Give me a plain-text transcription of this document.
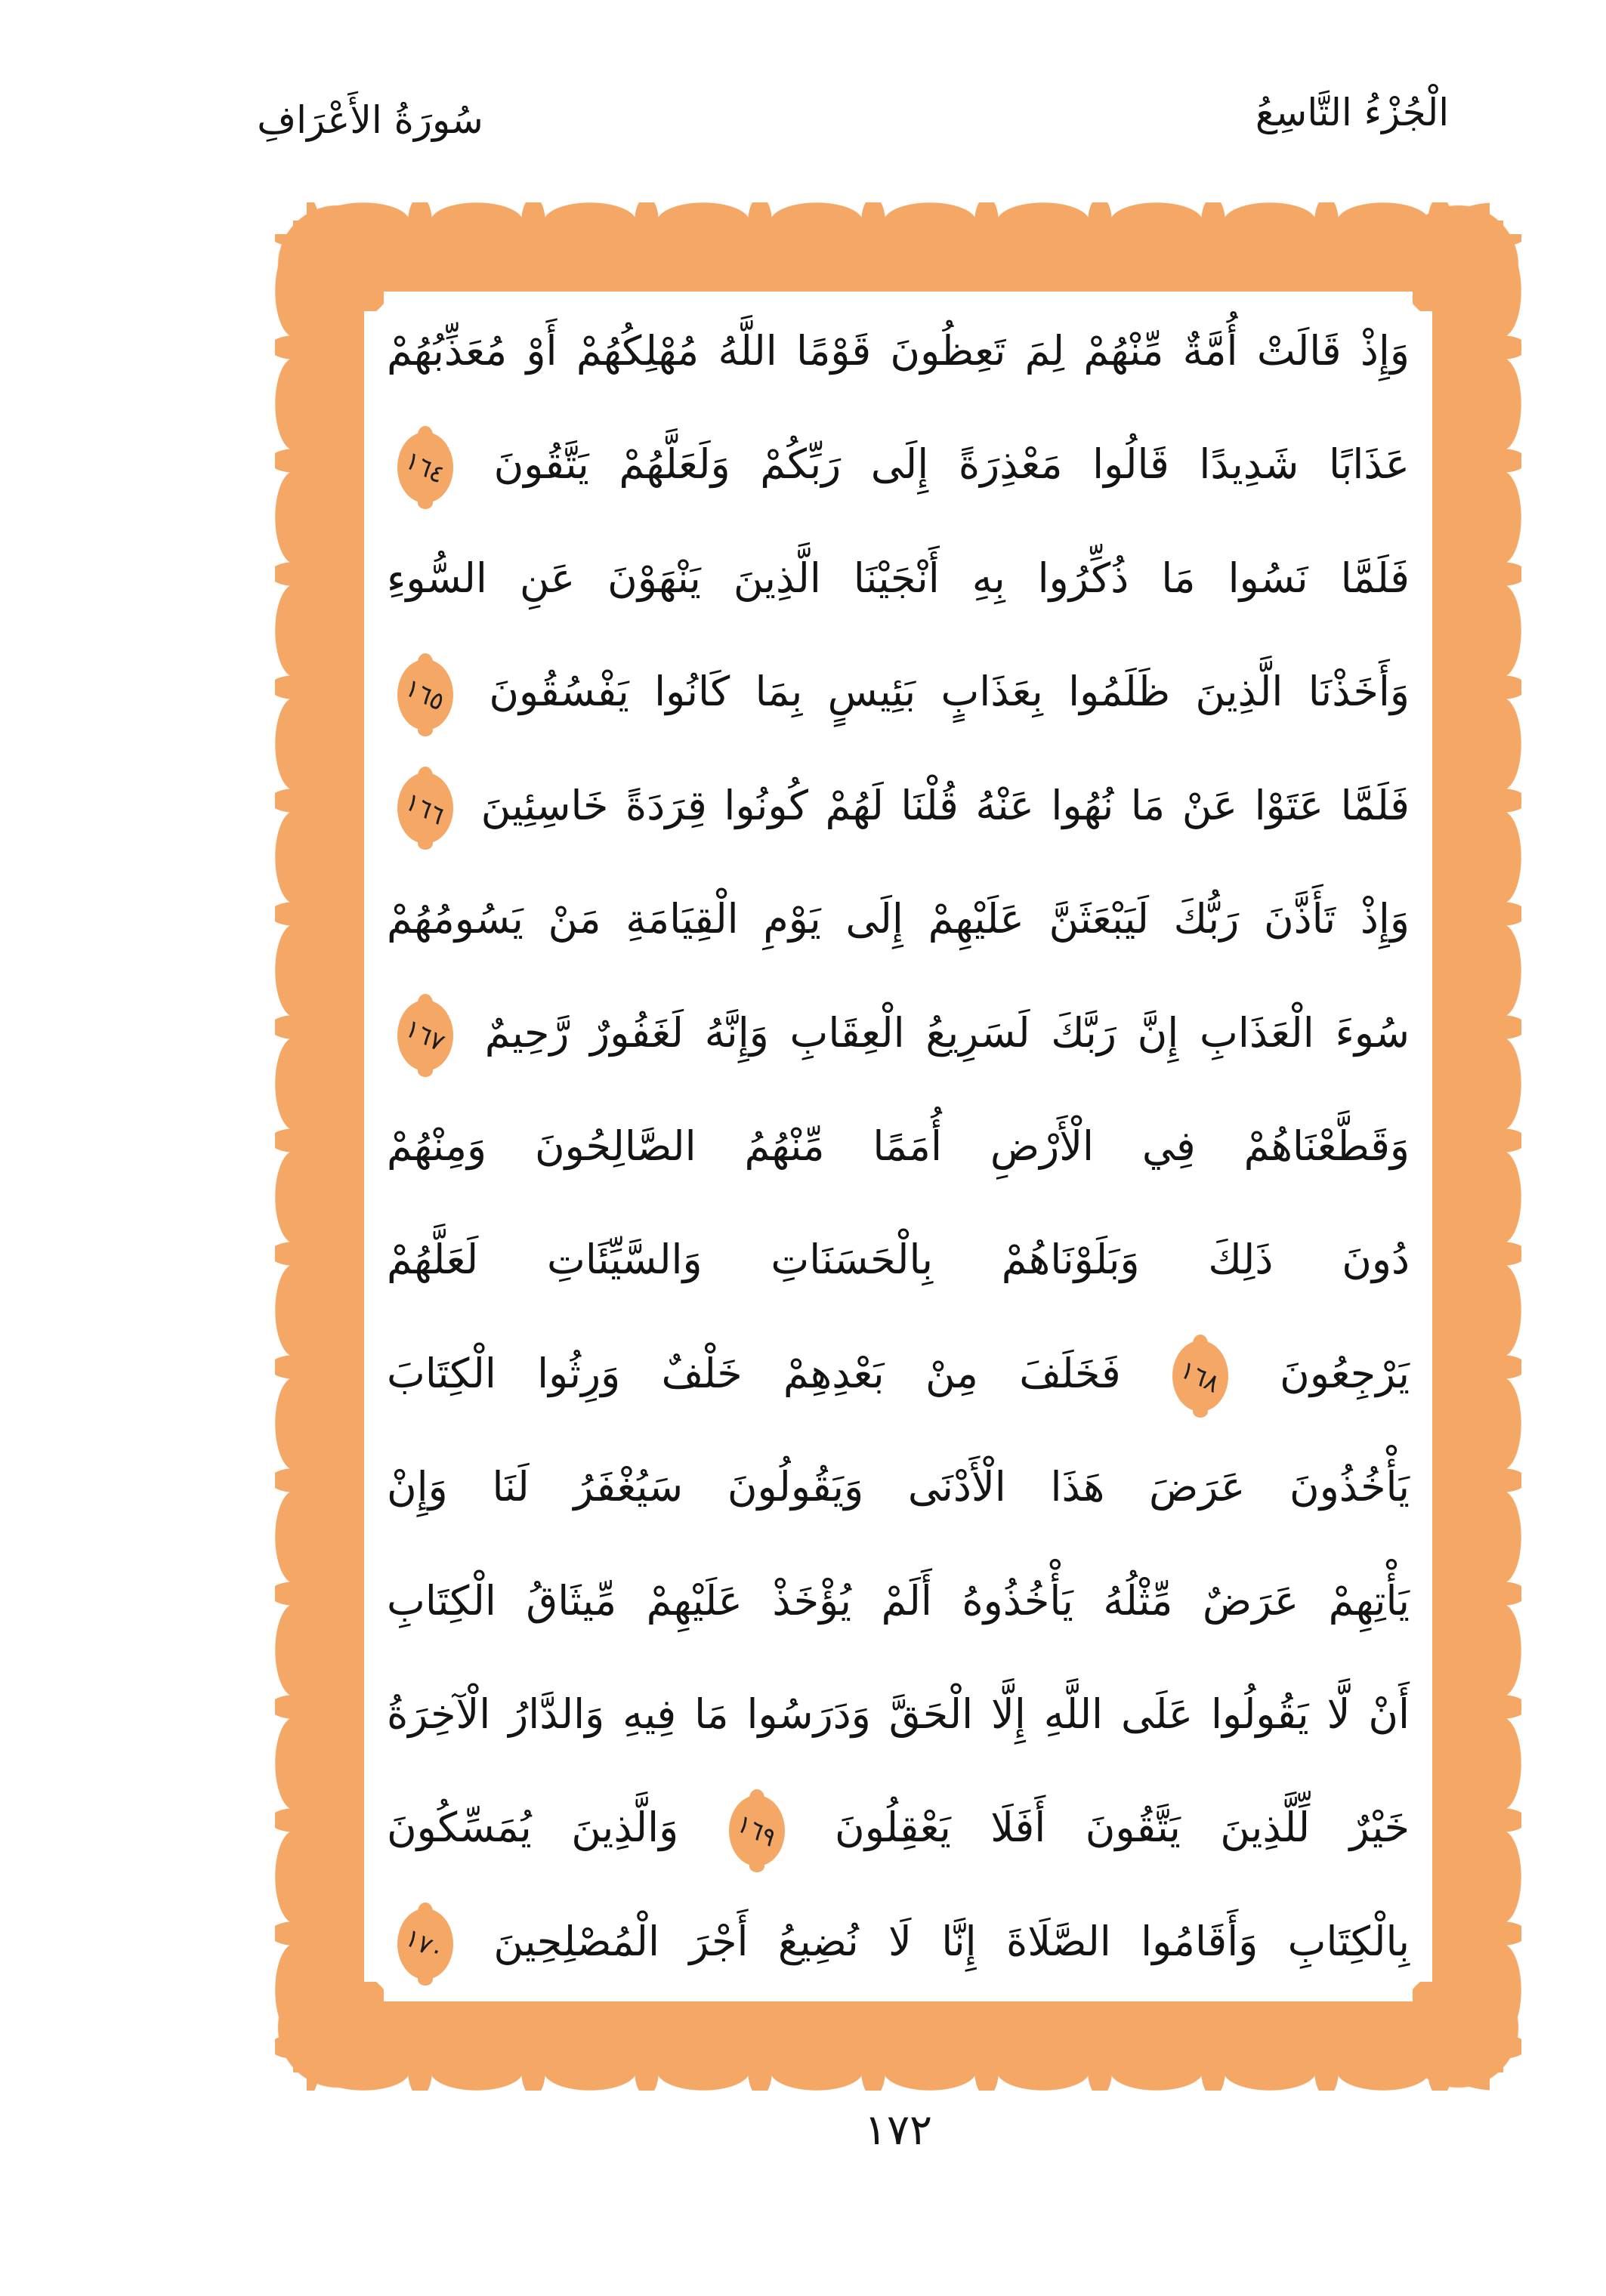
سُورَةُ الأَعْرَافِ	الْجُزْءُ التَّاسِعُ
وَإِذْ قَالَتْ أُمَّةٌ مِّنْهُمْ لِمَ تَعِظُونَ قَوْمًا اللَّهُ مُهْلِكُهُمْ أَوْ مُعَذِّبُهُمْ
عَذَابًا شَدِيدًا قَالُوا مَعْذِرَةً إِلَى رَبِّكُمْ وَلَعَلَّهُمْ يَتَّقُونَ
١٦٤
فَلَمَّا نَسُوا مَا ذُكِّرُوا بِهِ أَنْجَيْنَا الَّذِينَ يَنْهَوْنَ عَنِ السُّوءِ
وَأَخَذْنَا الَّذِينَ ظَلَمُوا بِعَذَابٍ بَئِيسٍ بِمَا كَانُوا يَفْسُقُونَ
١٦٥
فَلَمَّا عَتَوْا عَنْ مَا نُهُوا عَنْهُ قُلْنَا لَهُمْ كُونُوا قِرَدَةً خَاسِئِينَ
١٦٦
وَإِذْ تَأَذَّنَ رَبُّكَ لَيَبْعَثَنَّ عَلَيْهِمْ إِلَى يَوْمِ الْقِيَامَةِ مَنْ يَسُومُهُمْ
سُوءَ الْعَذَابِ إِنَّ رَبَّكَ لَسَرِيعُ الْعِقَابِ وَإِنَّهُ لَغَفُورٌ رَّحِيمٌ
١٦٧
وَقَطَّعْنَاهُمْ فِي الْأَرْضِ أُمَمًا مِّنْهُمُ الصَّالِحُونَ وَمِنْهُمْ
دُونَ ذَلِكَ وَبَلَوْنَاهُمْ بِالْحَسَنَاتِ وَالسَّيِّئَاتِ لَعَلَّهُمْ
يَرْجِعُونَ
١٦٨
فَخَلَفَ مِنْ بَعْدِهِمْ خَلْفٌ وَرِثُوا الْكِتَابَ
يَأْخُذُونَ عَرَضَ هَذَا الْأَدْنَى وَيَقُولُونَ سَيُغْفَرُ لَنَا وَإِنْ
يَأْتِهِمْ عَرَضٌ مِّثْلُهُ يَأْخُذُوهُ أَلَمْ يُؤْخَذْ عَلَيْهِمْ مِّيثَاقُ الْكِتَابِ
أَنْ لَّا يَقُولُوا عَلَى اللَّهِ إِلَّا الْحَقَّ وَدَرَسُوا مَا فِيهِ وَالدَّارُ الْآخِرَةُ
خَيْرٌ لِّلَّذِينَ يَتَّقُونَ أَفَلَا يَعْقِلُونَ
١٦٩
وَالَّذِينَ يُمَسِّكُونَ
بِالْكِتَابِ وَأَقَامُوا الصَّلَاةَ إِنَّا لَا نُضِيعُ أَجْرَ الْمُصْلِحِينَ
١٧٠
١٧٢
